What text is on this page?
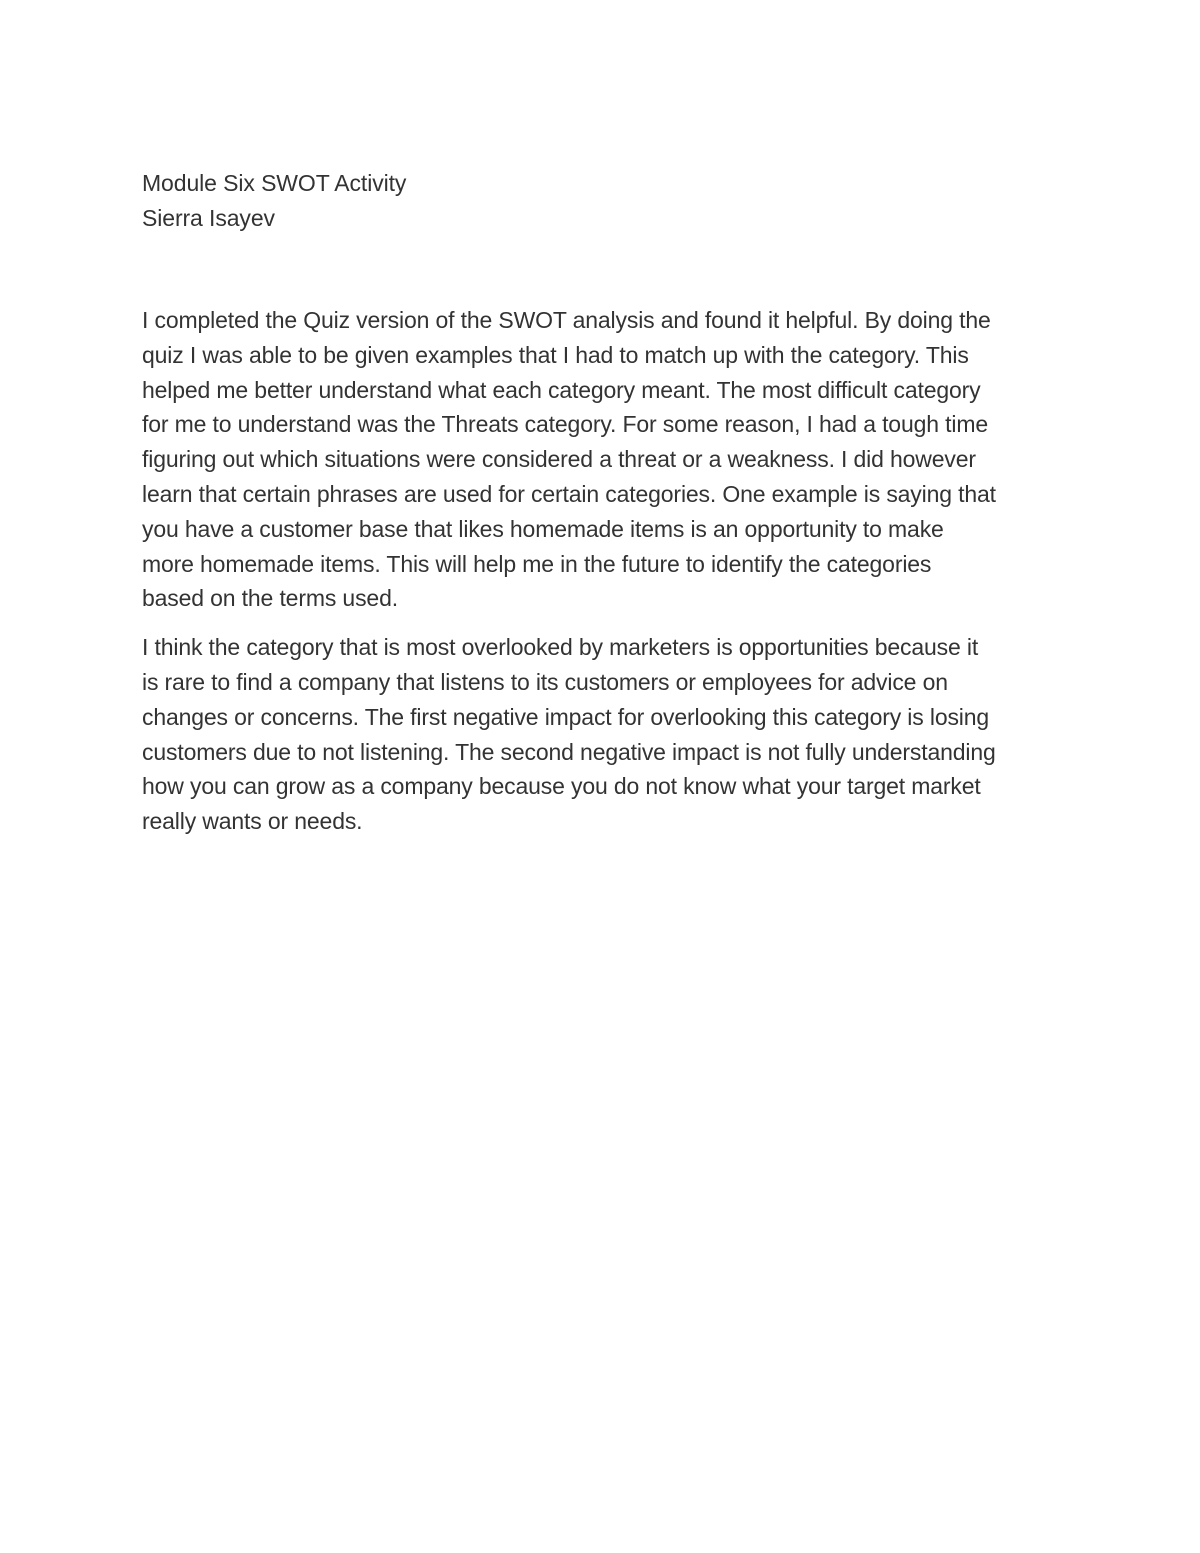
Module Six SWOT Activity
Sierra Isayev

I completed the Quiz version of the SWOT analysis and found it helpful. By doing the
quiz I was able to be given examples that I had to match up with the category. This
helped me better understand what each category meant. The most difficult category
for me to understand was the Threats category. For some reason, I had a tough time
figuring out which situations were considered a threat or a weakness. I did however
learn that certain phrases are used for certain categories. One example is saying that
you have a customer base that likes homemade items is an opportunity to make
more homemade items. This will help me in the future to identify the categories
based on the terms used.

I think the category that is most overlooked by marketers is opportunities because it
is rare to find a company that listens to its customers or employees for advice on
changes or concerns. The first negative impact for overlooking this category is losing
customers due to not listening. The second negative impact is not fully understanding
how you can grow as a company because you do not know what your target market
really wants or needs.
